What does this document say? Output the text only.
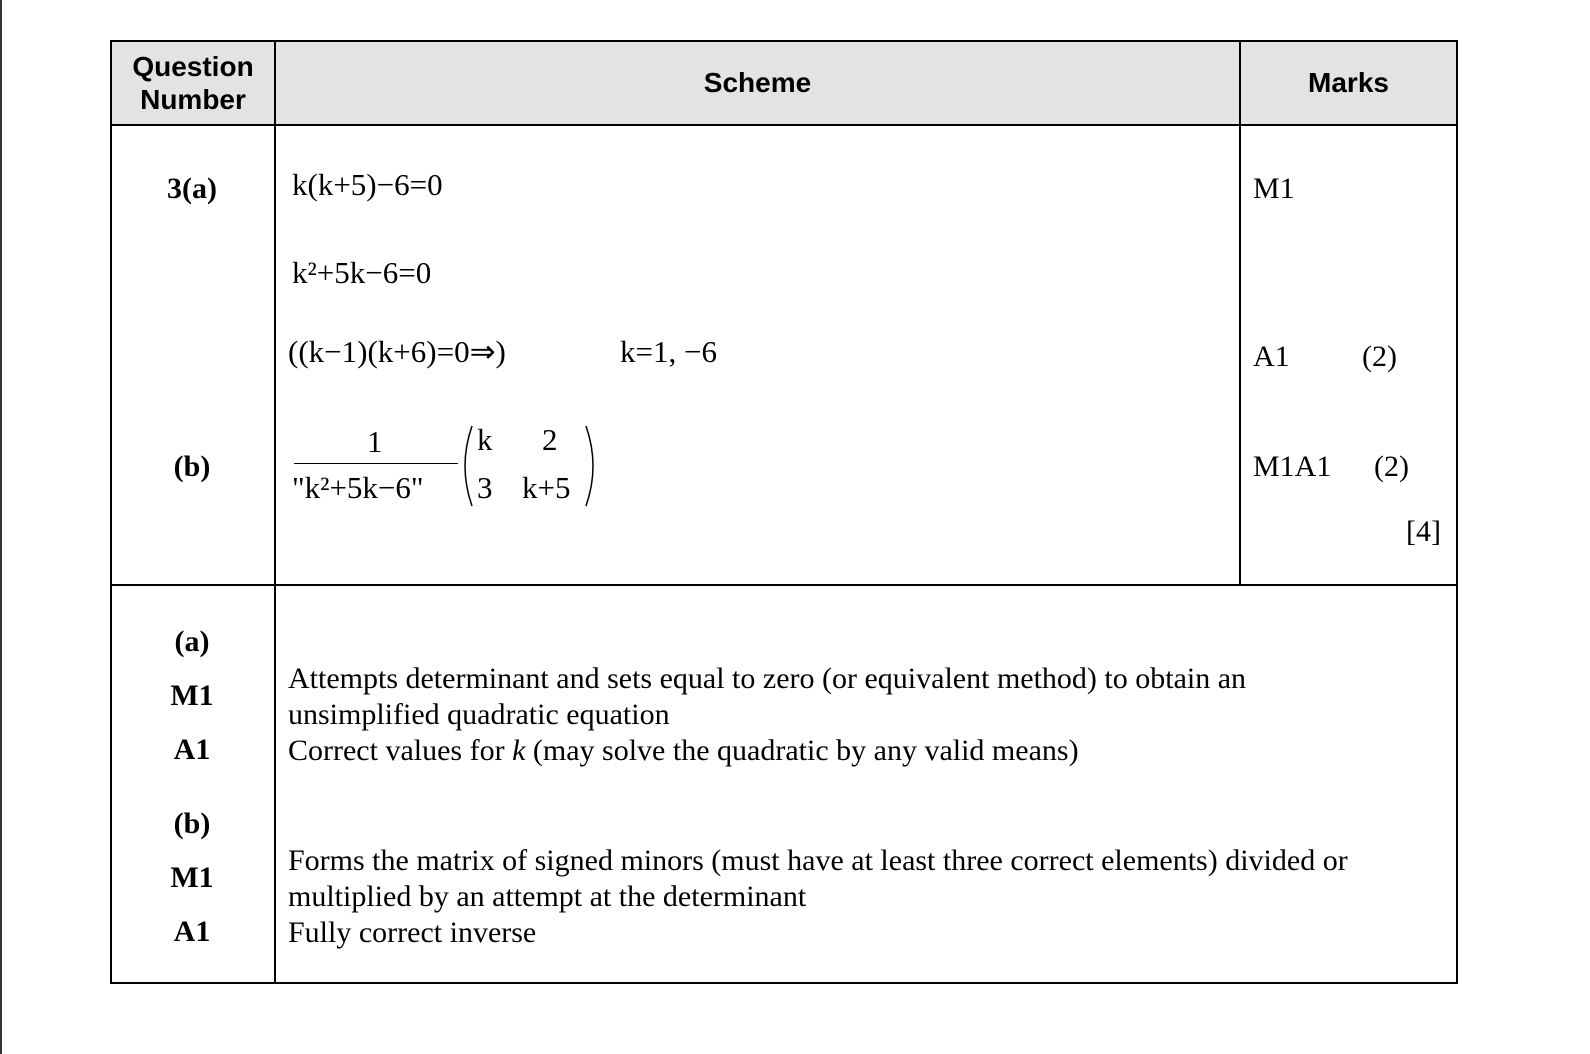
Question Number
Scheme	Marks
3(a)
(b)
k(k+5)−6=0
k²+5k−6=0
((k−1)(k+6)=0⇒)	k=1, −6
1
"k²+5k−6"
k 2
3 k+5
M1
A1 (2)
M1A1 (2)
[4]
(a)
M1
A1
(b)
M1
A1
Attempts determinant and sets equal to zero (or equivalent method) to obtain an
unsimplified quadratic equation
Correct values for k (may solve the quadratic by any valid means)
Forms the matrix of signed minors (must have at least three correct elements) divided or
multiplied by an attempt at the determinant
Fully correct inverse
